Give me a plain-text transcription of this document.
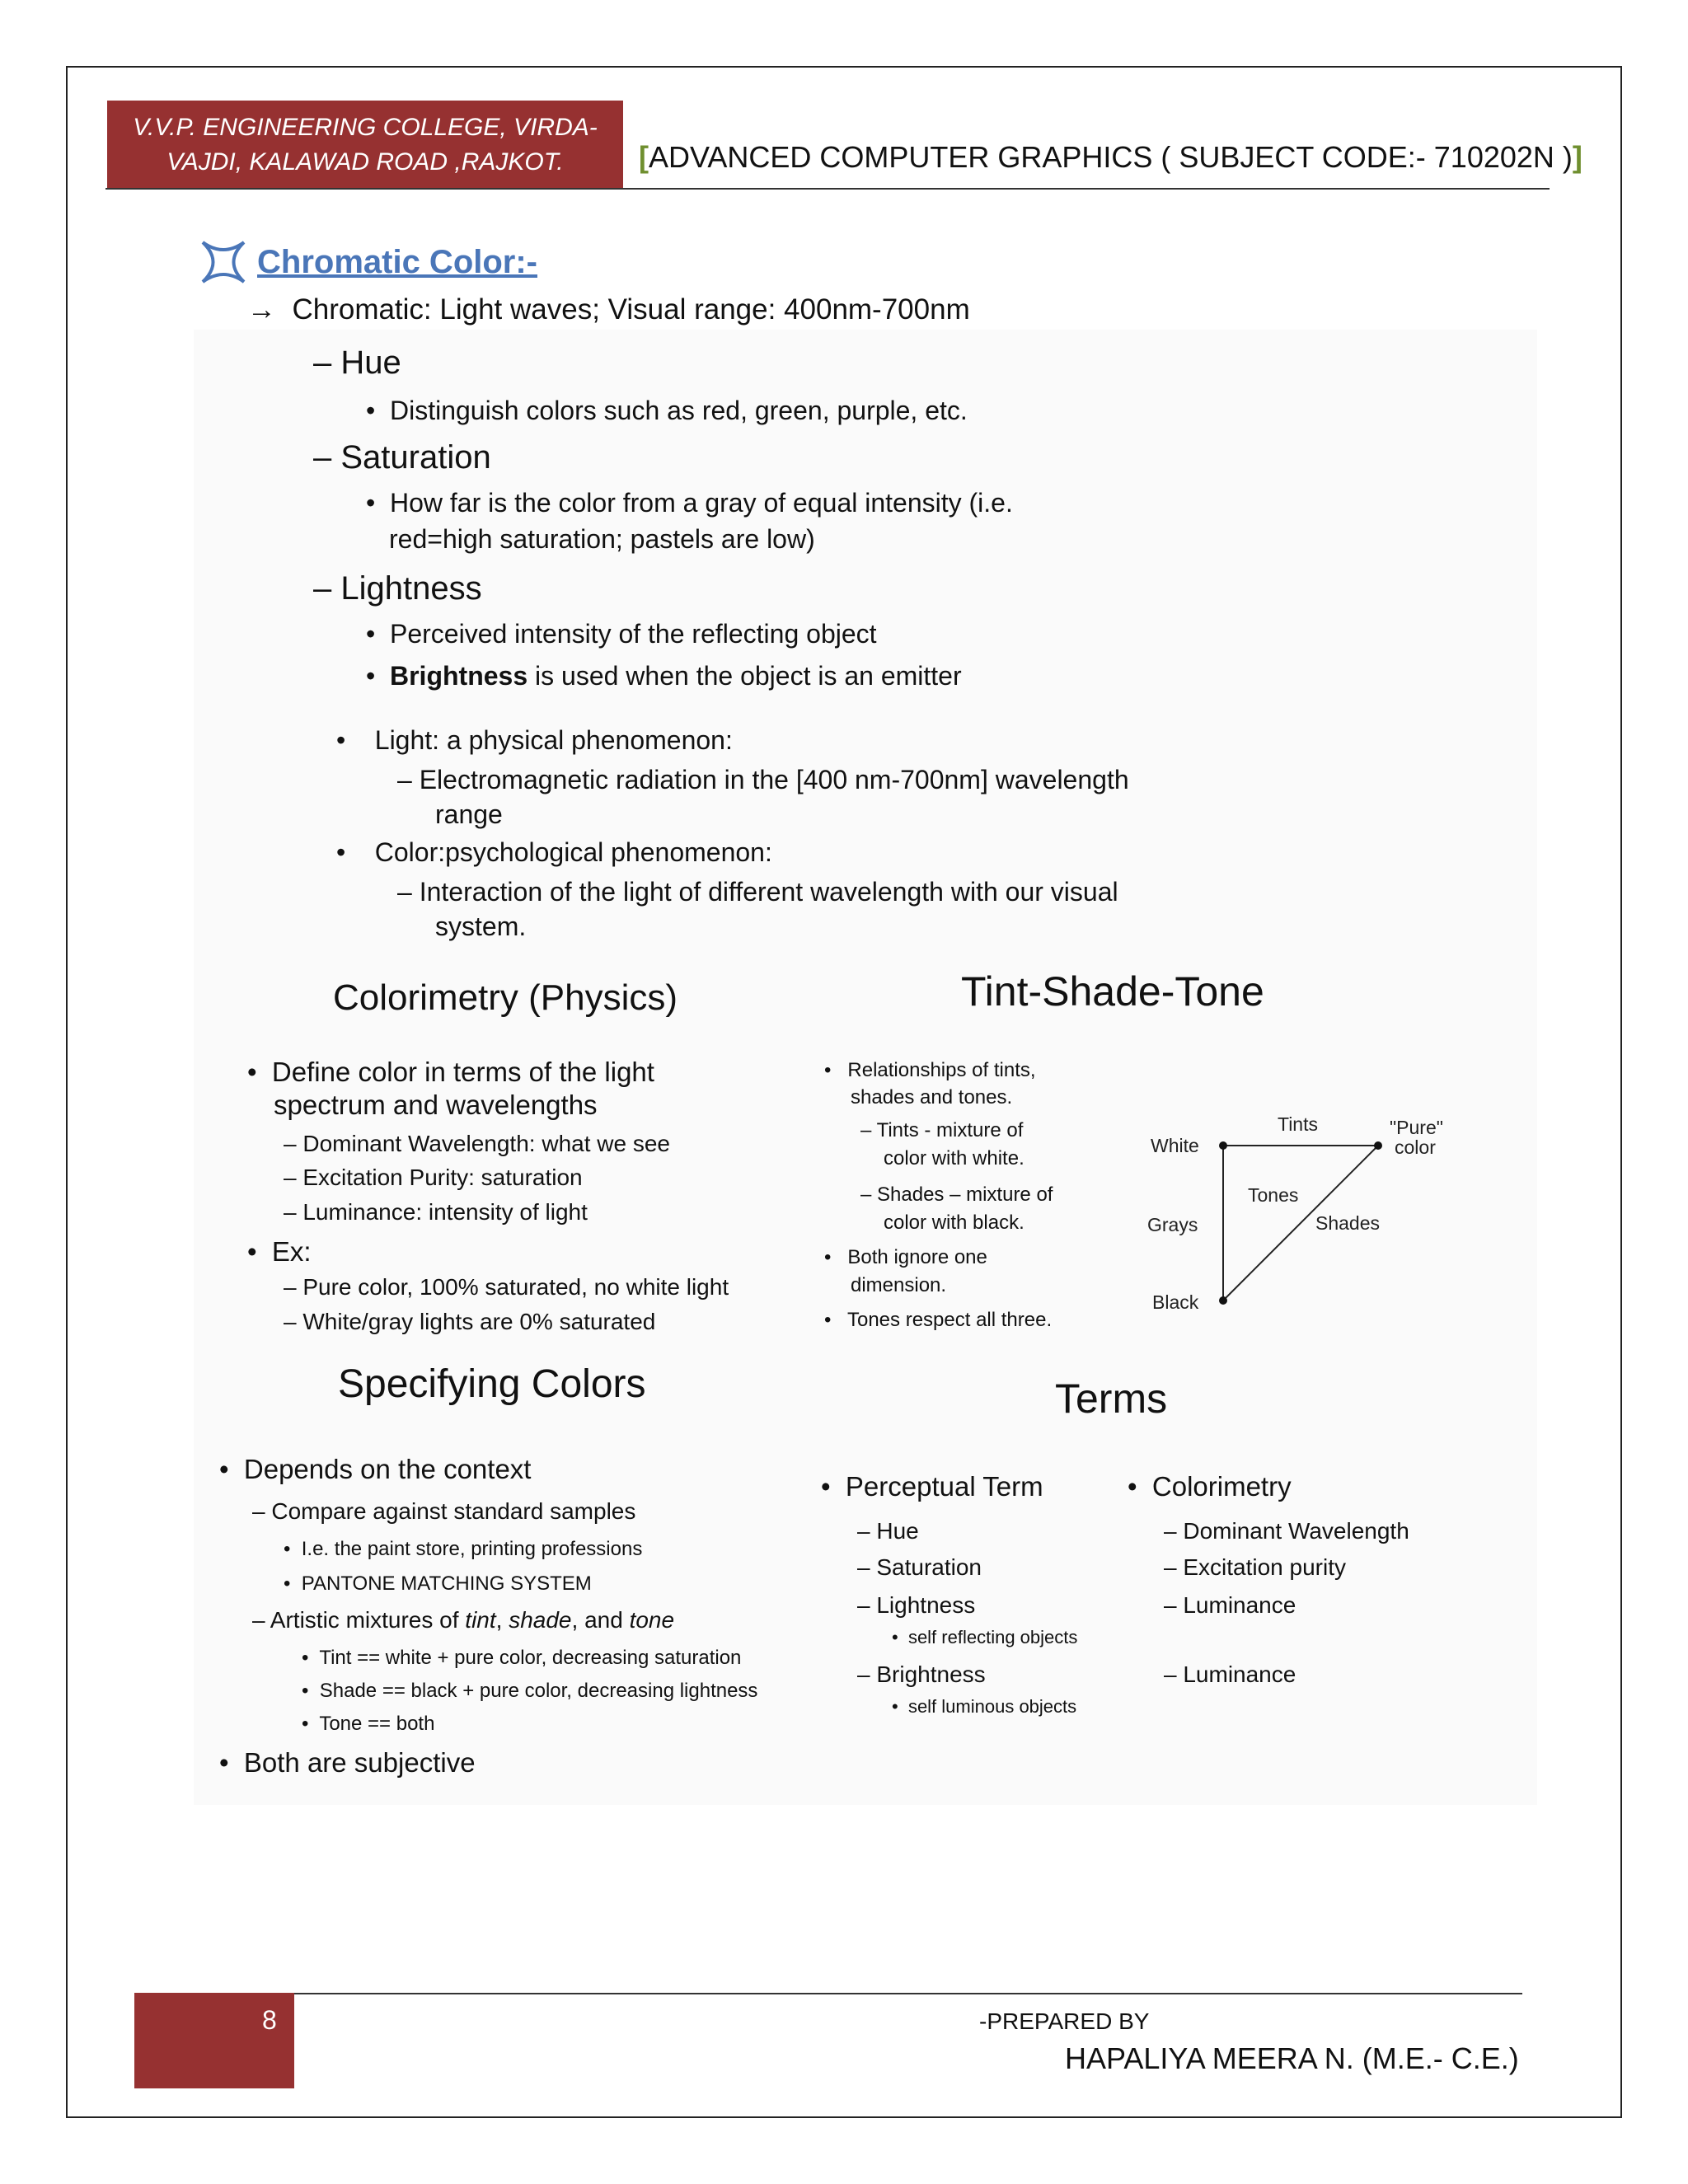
V.V.P. ENGINEERING COLLEGE, VIRDA-
VAJDI, KALAWAD ROAD ,RAJKOT.	[ADVANCED COMPUTER GRAPHICS ( SUBJECT CODE:- 710202N )]
Chromatic Color:-
→ Chromatic: Light waves; Visual range: 400nm-700nm
– Hue
•  Distinguish colors such as red, green, purple, etc.
– Saturation
•  How far is the color from a gray of equal intensity (i.e.
red=high saturation; pastels are low)
– Lightness
•  Perceived intensity of the reflecting object
•  Brightness is used when the object is an emitter
•    Light: a physical phenomenon:
– Electromagnetic radiation in the [400 nm-700nm] wavelength
range
•    Color:psychological phenomenon:
– Interaction of the light of different wavelength with our visual
system.
Colorimetry (Physics)
•  Define color in terms of the light
spectrum and wavelengths
– Dominant Wavelength: what we see
– Excitation Purity: saturation
– Luminance: intensity of light
•  Ex:
– Pure color, 100% saturated, no white light
– White/gray lights are 0% saturated
Tint-Shade-Tone
•   Relationships of tints,
shades and tones.
– Tints - mixture of
color with white.
– Shades – mixture of
color with black.
•   Both ignore one
dimension.
•   Tones respect all three.
White
Tints	"Pure"
color
Tones
Grays	Shades
Black
Specifying Colors
•  Depends on the context
– Compare against standard samples
•  I.e. the paint store, printing professions
•  PANTONE MATCHING SYSTEM
– Artistic mixtures of tint, shade, and tone
•  Tint == white + pure color, decreasing saturation
•  Shade == black + pure color, decreasing lightness
•  Tone == both
•  Both are subjective
Terms
•  Perceptual Term
– Hue
– Saturation
– Lightness
•  self reflecting objects
– Brightness
•  self luminous objects
•  Colorimetry
– Dominant Wavelength
– Excitation purity
– Luminance
– Luminance
8	-PREPARED BY
HAPALIYA MEERA N. (M.E.- C.E.)
